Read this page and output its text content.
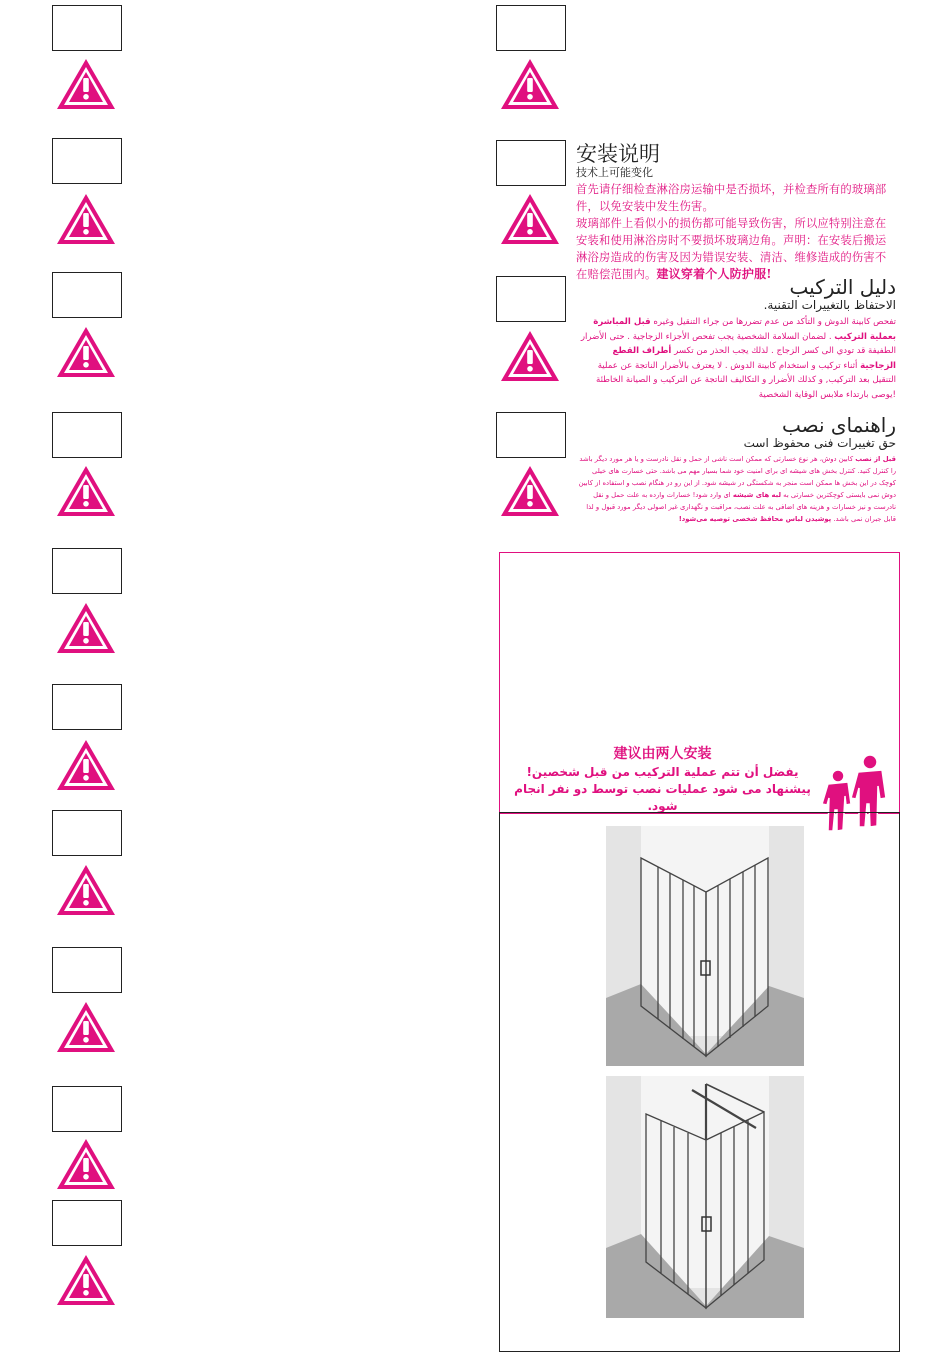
安装说明

技术上可能变化

首先请仔细检查淋浴房运输中是否损坏，并检查所有的玻璃部件，以免安装中发生伤害。

玻璃部件上看似小的损伤都可能导致伤害，所以应特别注意在安装和使用淋浴房时不要损坏玻璃边角。声明：在安装后搬运淋浴房造成的伤害及因为错误安装、清洁、维修造成的伤害不在赔偿范围内。建议穿着个人防护服!

دليل التركيب

الاحتفاظ بالتغييرات التقنية.

تفحص كابينة الدوش و التأكد من عدم تضررها من جراء التنقيل وغيره قبل المباشرة بعملية التركيب . لضمان السلامة الشخصية يجب تفحص الأجزاء الزجاجية . حتى الأضرار الطفيفة قد تودي الى كسر الزجاج . لذلك يجب الحذر من تكسر أطراف القطع الزجاجية أثناء تركيب و استخدام كابينة الدوش . لا يعترف بالأضرار الناتجة عن عملية التنقيل بعد التركيب, و كذلك الأضرار و التكاليف الناتجة عن التركيب و الصيانة الخاطئة
!يوصى بارتداء ملابس الوقاية الشخصية

راهنمای نصب

حق تغییرات فنی محفوظ است

قبل از نصب کابین دوش، هر نوع خسارتی که ممکن است ناشی از حمل و نقل نادرست و یا هر مورد دیگر باشد را کنترل کنید. کنترل بخش های شیشه ای برای امنیت خود شما بسیار مهم می باشد. حتی خسارت های خیلی کوچک در این بخش ها ممکن است منجر به شکستگی در شیشه شود. از این رو در هنگام نصب و استفاده از کابین دوش نمی بایستی کوچکترین خسارتی به لبه های شیشه ای وارد شود! خسارات وارده به علت حمل و نقل نادرست و نیز خسارات و هزینه های اضافی به علت نصب، مراقبت و نگهداری غیر اصولی دیگر مورد قبول و لذا قابل جبران نمی باشد. پوشیدن لباس محافظ شخصی توصیه می‌شود!

建议由两人安装
يفضل أن تتم عملية التركيب من قبل شخصين!
پیشنهاد می شود عملیات نصب توسط دو نفر انجام شود.
